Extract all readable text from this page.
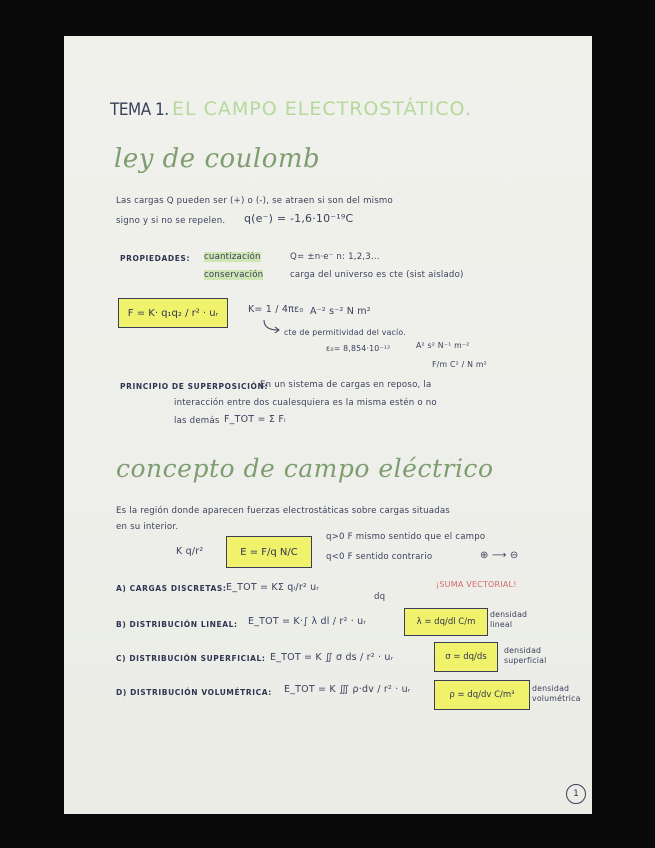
TEMA 1. EL CAMPO ELECTROSTÁTICO.
ley de coulomb
Las cargas Q pueden ser (+) o (-), se atraen si son del mismo
signo y si no se repelen. q(e⁻) = -1,6·10⁻¹⁹C
PROPIEDADES: cuantización	Q= ±n·e⁻ n: 1,2,3...
conservación	carga del universo es cte (sist aislado)
F = K· q₁q₂ / r² · uᵣ	K= 1 / 4πε₀ A⁻² s⁻² N m²
cte de permitividad del vacío.
ε₀= 8,854·10⁻¹²	A² s² N⁻¹ m⁻²
F/m C² / N m²
PRINCIPIO DE SUPERPOSICIÓN:
En un sistema de cargas en reposo, la
interacción entre dos cualesquiera es la misma estén o no
las demás F_TOT = Σ Fᵢ
concepto de campo eléctrico
Es la región donde aparecen fuerzas electrostáticas sobre cargas situadas
en su interior.
K q/r²	E = F/q N/C
q>0 F mismo sentido que el campo
q<0 F sentido contrario	⊕ ⟶ ⊖
A) CARGAS DISCRETAS: E_TOT = KΣ qᵢ/r² uᵣ	¡SUMA VECTORIAL!
dq
B) DISTRIBUCIÓN LINEAL: E_TOT = K·∫ λ dl / r² · uᵣ	λ = dq/dl C/m
densidad lineal
C) DISTRIBUCIÓN SUPERFICIAL: E_TOT = K ∬ σ ds / r² · uᵣ	σ = dq/ds
densidad superficial
D) DISTRIBUCIÓN VOLUMÉTRICA: E_TOT = K ∭ ρ·dv / r² · uᵣ	ρ = dq/dv C/m³
densidad volumétrica
1
